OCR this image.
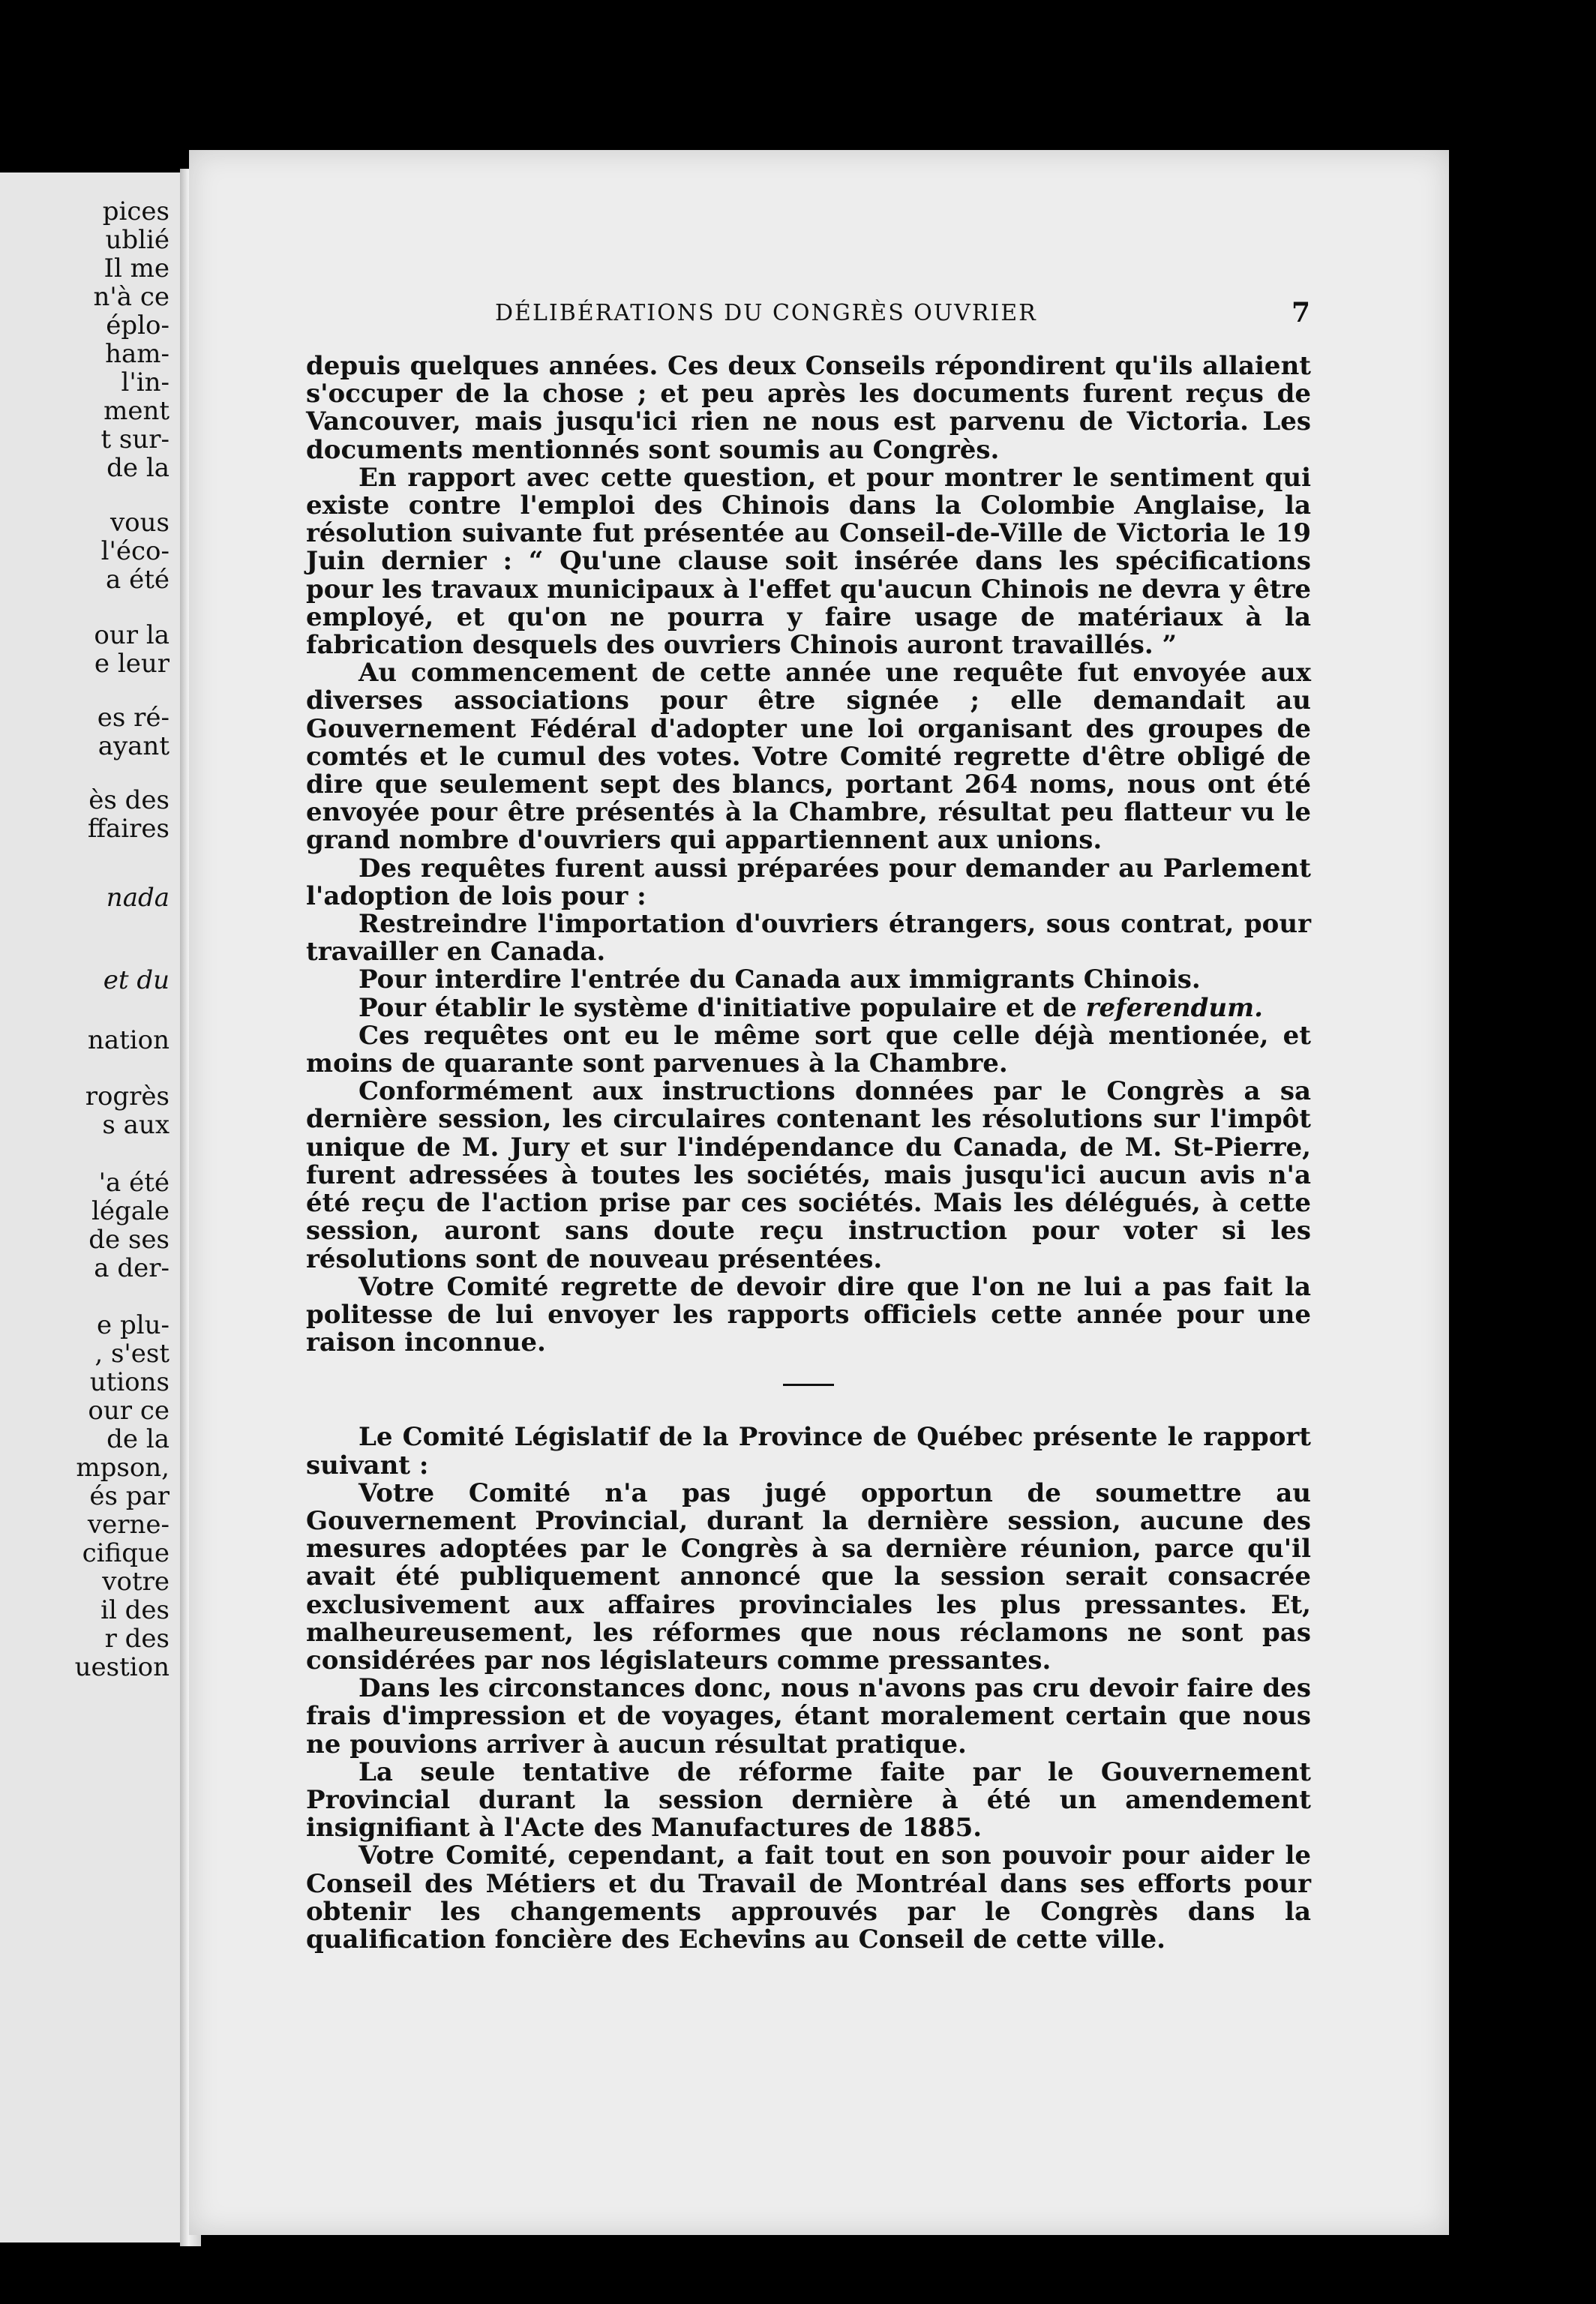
pices
ublié
Il me
n'à ce
éplo-
ham-
l'in-
ment
t sur-
de la
vous
l'éco-
a été
our la
e leur
es ré-
ayant
ès des
ffaires
nada
et du
nation
rogrès
s aux
'a été
légale
de ses
a der-
e plu-
, s'est
utions
our ce
de la
mpson,
és par
verne-
cifique
votre
il des
r des
uestion
DÉLIBÉRATIONS DU CONGRÈS OUVRIER	7

depuis quelques années. Ces deux Conseils répondirent qu'ils allaient s'occuper de la chose ; et peu après les documents furent reçus de Vancouver, mais jusqu'ici rien ne nous est parvenu de Victoria. Les documents mentionnés sont soumis au Congrès.

En rapport avec cette question, et pour montrer le sentiment qui existe contre l'emploi des Chinois dans la Colombie Anglaise, la résolution suivante fut présentée au Conseil-de-Ville de Victoria le 19 Juin dernier : “ Qu'une clause soit insérée dans les spécifications pour les travaux municipaux à l'effet qu'aucun Chinois ne devra y être employé, et qu'on ne pourra y faire usage de matériaux à la fabrication desquels des ouvriers Chinois auront travaillés. ”

Au commencement de cette année une requête fut envoyée aux diverses associations pour être signée ; elle demandait au Gouvernement Fédéral d'adopter une loi organisant des groupes de comtés et le cumul des votes. Votre Comité regrette d'être obligé de dire que seulement sept des blancs, portant 264 noms, nous ont été envoyée pour être présentés à la Chambre, résultat peu flatteur vu le grand nombre d'ouvriers qui appartiennent aux unions.

Des requêtes furent aussi préparées pour demander au Parlement l'adoption de lois pour :

Restreindre l'importation d'ouvriers étrangers, sous contrat, pour travailler en Canada.

Pour interdire l'entrée du Canada aux immigrants Chinois.

Pour établir le système d'initiative populaire et de referendum.

Ces requêtes ont eu le même sort que celle déjà mentionée, et moins de quarante sont parvenues à la Chambre.

Conformément aux instructions données par le Congrès a sa dernière session, les circulaires contenant les résolutions sur l'impôt unique de M. Jury et sur l'indépendance du Canada, de M. St-Pierre, furent adressées à toutes les sociétés, mais jusqu'ici aucun avis n'a été reçu de l'action prise par ces sociétés. Mais les délégués, à cette session, auront sans doute reçu instruction pour voter si les résolutions sont de nouveau présentées.

Votre Comité regrette de devoir dire que l'on ne lui a pas fait la politesse de lui envoyer les rapports officiels cette année pour une raison inconnue.

Le Comité Législatif de la Province de Québec présente le rapport suivant :

Votre Comité n'a pas jugé opportun de soumettre au Gouvernement Provincial, durant la dernière session, aucune des mesures adoptées par le Congrès à sa dernière réunion, parce qu'il avait été publiquement annoncé que la session serait consacrée exclusivement aux affaires provinciales les plus pressantes. Et, malheureusement, les réformes que nous réclamons ne sont pas considérées par nos législateurs comme pressantes.

Dans les circonstances donc, nous n'avons pas cru devoir faire des frais d'impression et de voyages, étant moralement certain que nous ne pouvions arriver à aucun résultat pratique.

La seule tentative de réforme faite par le Gouvernement Provincial durant la session dernière à été un amendement insignifiant à l'Acte des Manufactures de 1885.

Votre Comité, cependant, a fait tout en son pouvoir pour aider le Conseil des Métiers et du Travail de Montréal dans ses efforts pour obtenir les changements approuvés par le Congrès dans la qualification foncière des Echevins au Conseil de cette ville.
